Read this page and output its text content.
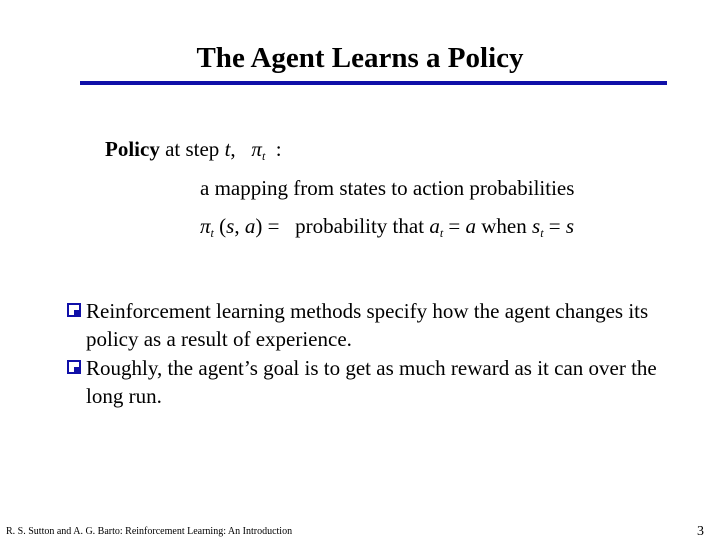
The Agent Learns a Policy
Policy at step t, $\pi_t$ :
a mapping from states to action probabilities
$\pi_t$ (s, a) = probability that $a_t = a$ when $s_t = s$
Reinforcement learning methods specify how the agent changes its policy as a result of experience.
Roughly, the agent’s goal is to get as much reward as it can over the long run.
R. S. Sutton and A. G. Barto: Reinforcement Learning: An Introduction	3
